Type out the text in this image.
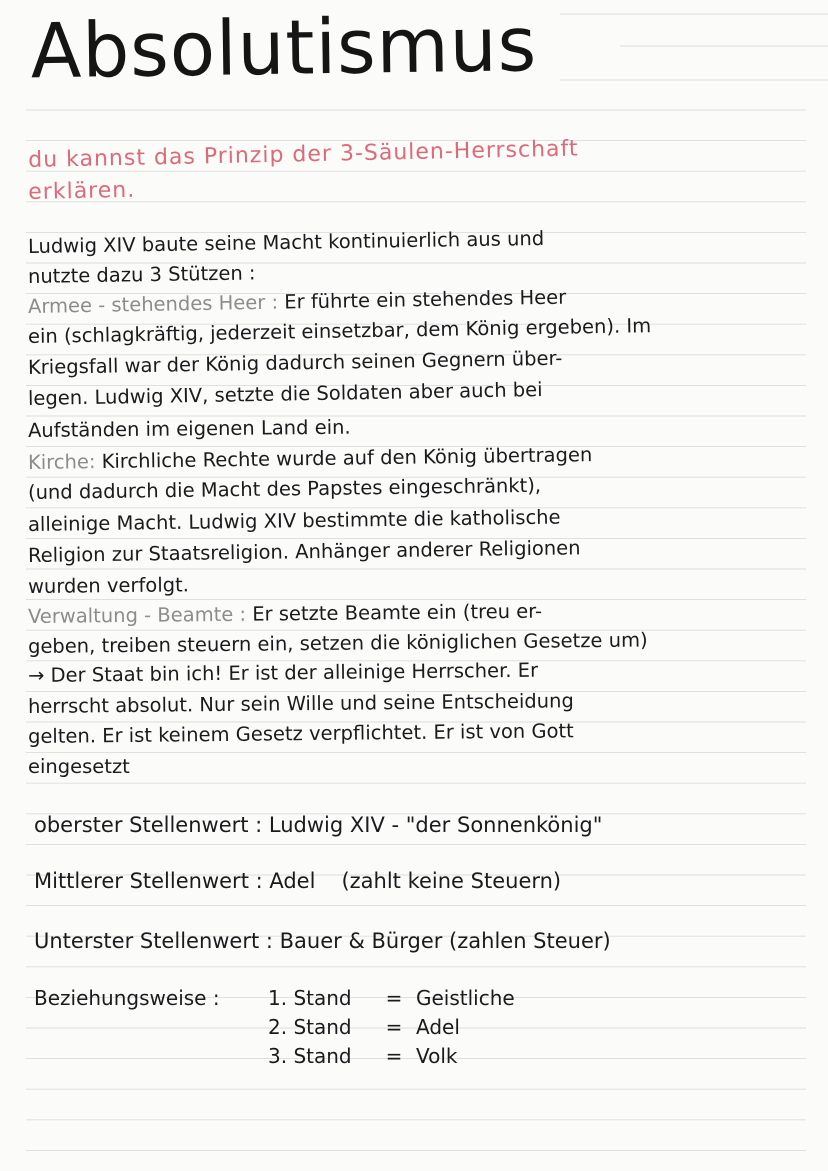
Absolutismus
du kannst das Prinzip der 3-Säulen-Herrschaft
erklären.
Ludwig XIV baute seine Macht kontinuierlich aus und
nutzte dazu 3 Stützen :
Armee - stehendes Heer : Er führte ein stehendes Heer
ein (schlagkräftig, jederzeit einsetzbar, dem König ergeben). Im
Kriegsfall war der König dadurch seinen Gegnern über-
legen. Ludwig XIV, setzte die Soldaten aber auch bei
Aufständen im eigenen Land ein.
Kirche: Kirchliche Rechte wurde auf den König übertragen
(und dadurch die Macht des Papstes eingeschränkt),
alleinige Macht. Ludwig XIV bestimmte die katholische
Religion zur Staatsreligion. Anhänger anderer Religionen
wurden verfolgt.
Verwaltung - Beamte : Er setzte Beamte ein (treu er-
geben, treiben steuern ein, setzen die königlichen Gesetze um)
→ Der Staat bin ich! Er ist der alleinige Herrscher. Er
herrscht absolut. Nur sein Wille und seine Entscheidung
gelten. Er ist keinem Gesetz verpflichtet. Er ist von Gott
eingesetzt
oberster Stellenwert : Ludwig XIV - "der Sonnenkönig"
Mittlerer Stellenwert : Adel (zahlt keine Steuern)
Unterster Stellenwert : Bauer & Bürger (zahlen Steuer)
Beziehungsweise :	1. Stand	= Geistliche
2. Stand	= Adel
3. Stand	= Volk
